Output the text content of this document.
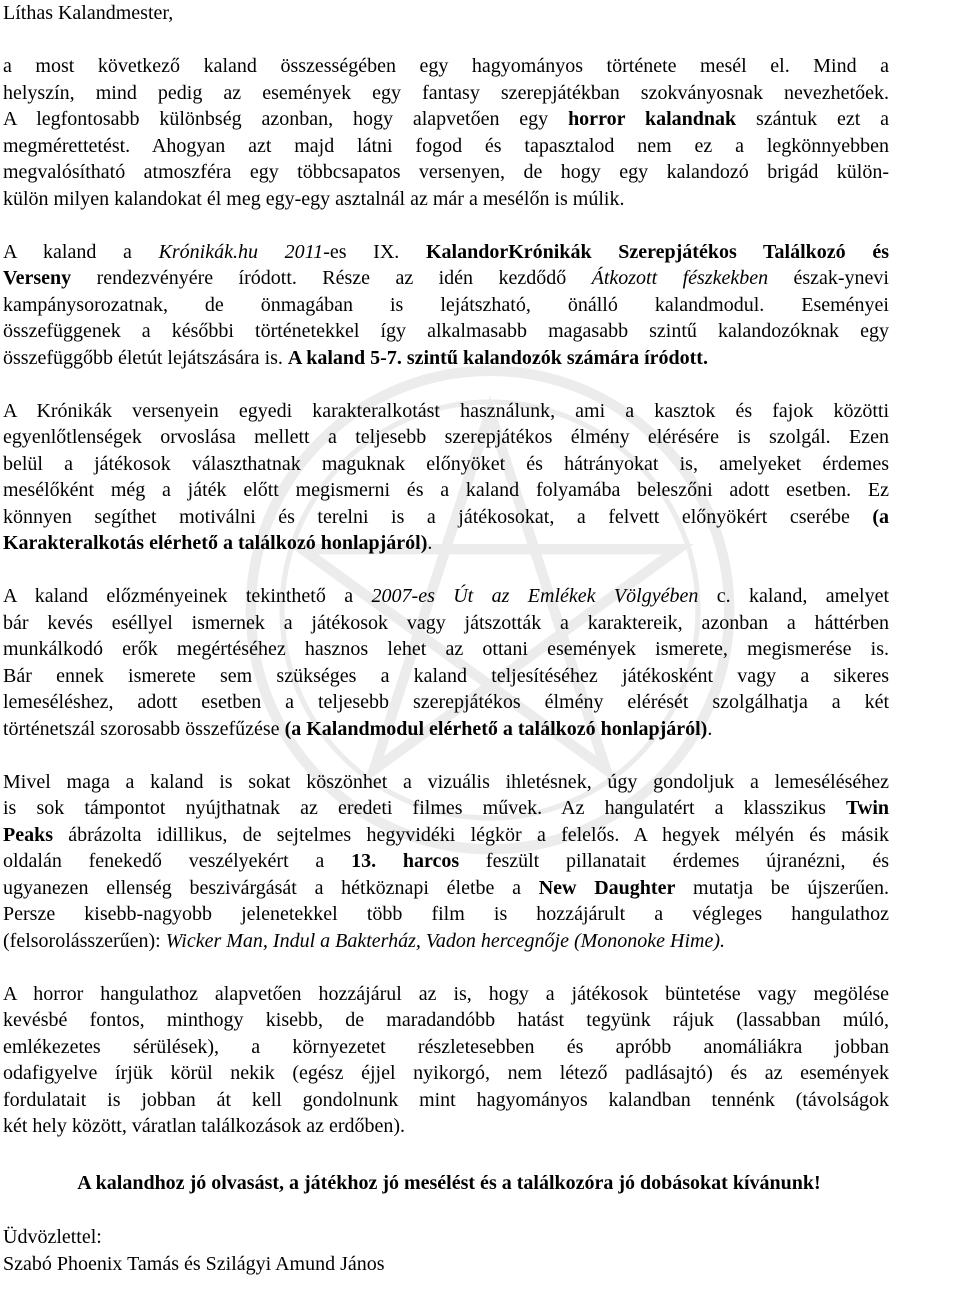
Líthas Kalandmester,

a most következő kaland összességében egy hagyományos története mesél el. Mind a
helyszín, mind pedig az események egy fantasy szerepjátékban szokványosnak nevezhetőek.
A legfontosabb különbség azonban, hogy alapvetően egy horror kalandnak szántuk ezt a
megmérettetést. Ahogyan azt majd látni fogod és tapasztalod nem ez a legkönnyebben
megvalósítható atmoszféra egy többcsapatos versenyen, de hogy egy kalandozó brigád külön-
külön milyen kalandokat él meg egy-egy asztalnál az már a mesélőn is múlik.

A kaland a Krónikák.hu 2011-es IX. KalandorKrónikák Szerepjátékos Találkozó és
Verseny rendezvényére íródott. Része az idén kezdődő Átkozott fészkekben észak-ynevi
kampánysorozatnak, de önmagában is lejátszható, önálló kalandmodul. Eseményei
összefüggenek a későbbi történetekkel így alkalmasabb magasabb szintű kalandozóknak egy
összefüggőbb életút lejátszására is. A kaland 5-7. szintű kalandozók számára íródott.

A Krónikák versenyein egyedi karakteralkotást használunk, ami a kasztok és fajok közötti
egyenlőtlenségek orvoslása mellett a teljesebb szerepjátékos élmény elérésére is szolgál. Ezen
belül a játékosok választhatnak maguknak előnyöket és hátrányokat is, amelyeket érdemes
mesélőként még a játék előtt megismerni és a kaland folyamába beleszőni adott esetben. Ez
könnyen segíthet motiválni és terelni is a játékosokat, a felvett előnyökért cserébe (a
Karakteralkotás elérhető a találkozó honlapjáról).

A kaland előzményeinek tekinthető a 2007-es Út az Emlékek Völgyében c. kaland, amelyet
bár kevés eséllyel ismernek a játékosok vagy játszották a karaktereik, azonban a háttérben
munkálkodó erők megértéséhez hasznos lehet az ottani események ismerete, megismerése is.
Bár ennek ismerete sem szükséges a kaland teljesítéséhez játékosként vagy a sikeres
lemeséléshez, adott esetben a teljesebb szerepjátékos élmény elérését szolgálhatja a két
történetszál szorosabb összefűzése (a Kalandmodul elérhető a találkozó honlapjáról).

Mivel maga a kaland is sokat köszönhet a vizuális ihletésnek, úgy gondoljuk a lemeséléséhez
is sok támpontot nyújthatnak az eredeti filmes művek. Az hangulatért a klasszikus Twin
Peaks ábrázolta idillikus, de sejtelmes hegyvidéki légkör a felelős. A hegyek mélyén és másik
oldalán fenekedő veszélyekért a 13. harcos feszült pillanatait érdemes újranézni, és
ugyanezen ellenség beszivárgását a hétköznapi életbe a New Daughter mutatja be újszerűen.
Persze kisebb-nagyobb jelenetekkel több film is hozzájárult a végleges hangulathoz
(felsorolásszerűen): Wicker Man, Indul a Bakterház, Vadon hercegnője (Mononoke Hime).

A horror hangulathoz alapvetően hozzájárul az is, hogy a játékosok büntetése vagy megölése
kevésbé fontos, minthogy kisebb, de maradandóbb hatást tegyünk rájuk (lassabban múló,
emlékezetes sérülések), a környezetet részletesebben és apróbb anomáliákra jobban
odafigyelve írjük körül nekik (egész éjjel nyikorgó, nem létező padlásajtó) és az események
fordulatait is jobban át kell gondolnunk mint hagyományos kalandban tennénk (távolságok
két hely között, váratlan találkozások az erdőben).

A kalandhoz jó olvasást, a játékhoz jó mesélést és a találkozóra jó dobásokat kívánunk!

Üdvözlettel:

Szabó Phoenix Tamás és Szilágyi Amund János
